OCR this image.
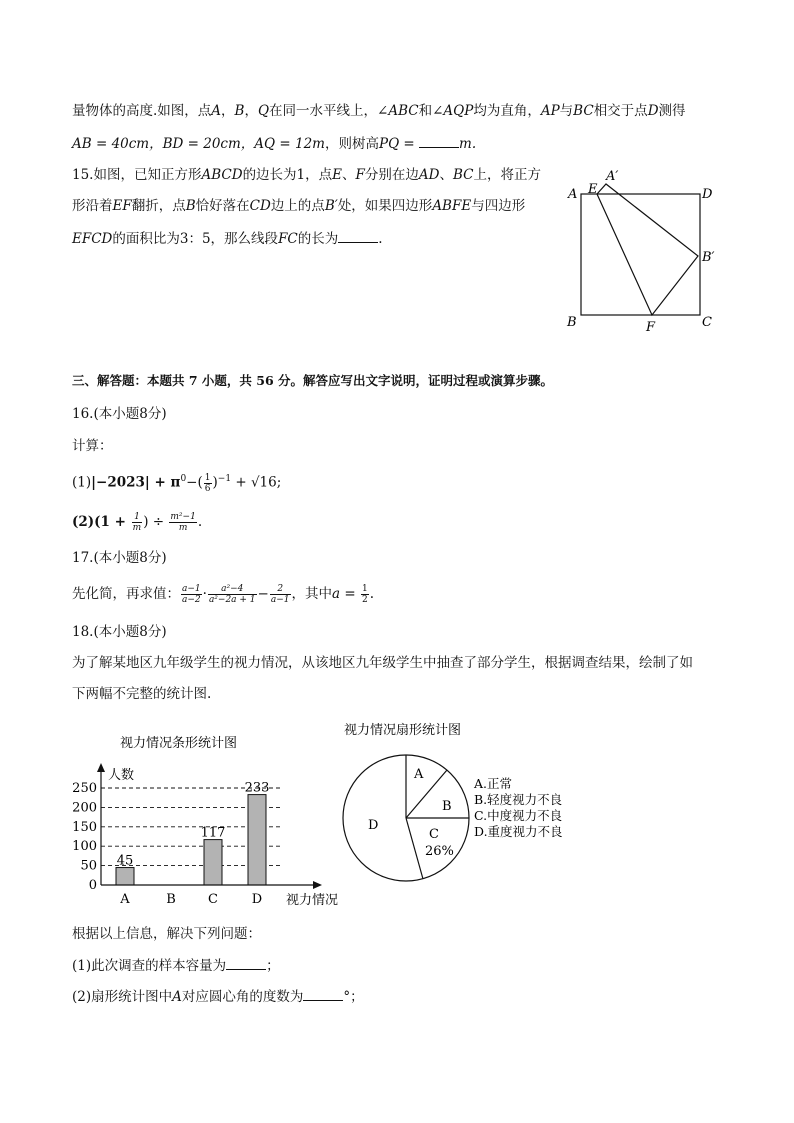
量物体的高度.如图，点A，B，Q在同一水平线上，∠ABC和∠AQP均为直角，AP与BC相交于点D测得
AB = 40cm，BD = 20cm，AQ = 12m，则树高PQ =	m.
15.如图，已知正方形ABCD的边长为1，点E、F分别在边AD、BC上，将正方
形沿着EF翻折，点B恰好落在CD边上的点B′处，如果四边形ABFE与四边形
EFCD的面积比为3：5，那么线段FC的长为	.
A
A′
E	D
B′
B	F	C
三、解答题：本题共 7 小题，共 56 分。解答应写出文字说明，证明过程或演算步骤。
16.(本小题8分)
计算：
$(1)|-2023| + \pi^0-( \frac{1}{6} )^{-1} + √16$;
$(2)(1 + \frac{1}{m}$ ) ÷ $\frac{\text{m²−1}}{m}$ .
17.(本小题8分)
先化简，再求值： $\frac{a-1}{a-2} \cdot \frac{\text{a²−4}}{\text{a²−2a + 1}} - \frac{2}{a-1}$ ，其中$a = \frac{1}{2}$ .
18.(本小题8分)
为了解某地区九年级学生的视力情况，从该地区九年级学生中抽查了部分学生，根据调查结果，绘制了如
下两幅不完整的统计图.
视力情况条形统计图
0
50
100
150
200
250
45
A	B
117
C
233
D
人数
视力情况
视力情况扇形统计图
A
B
C
26%
D
A.正常
B.轻度视力不良
C.中度视力不良
D.重度视力不良
根据以上信息，解决下列问题：
(1)此次调查的样本容量为	；
(2)扇形统计图中A对应圆心角的度数为	°；
